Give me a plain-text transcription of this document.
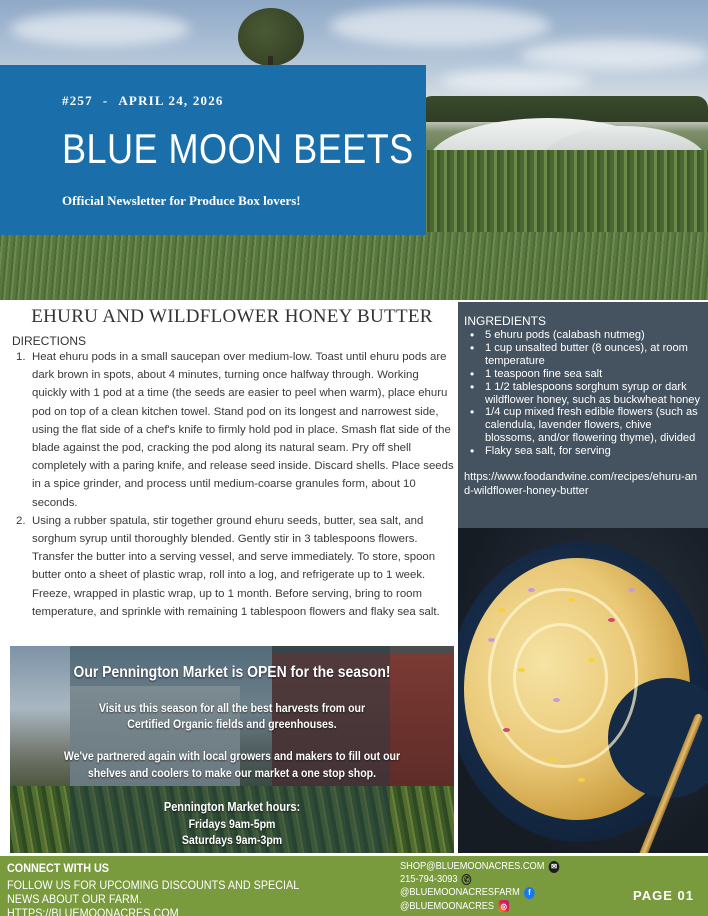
#257 - APRIL 24, 2026
BLUE MOON BEETS
Official Newsletter for Produce Box lovers!
EHURU AND WILDFLOWER HONEY BUTTER
DIRECTIONS
1. Heat ehuru pods in a small saucepan over medium-low. Toast until ehuru pods are dark brown in spots, about 4 minutes, turning once halfway through. Working quickly with 1 pod at a time (the seeds are easier to peel when warm), place ehuru pod on top of a clean kitchen towel. Stand pod on its longest and narrowest side, using the flat side of a chef's knife to firmly hold pod in place. Smash flat side of the blade against the pod, cracking the pod along its natural seam. Pry off shell completely with a paring knife, and release seed inside. Discard shells. Place seeds in a spice grinder, and process until medium-coarse granules form, about 10 seconds.
2. Using a rubber spatula, stir together ground ehuru seeds, butter, sea salt, and sorghum syrup until thoroughly blended. Gently stir in 3 tablespoons flowers. Transfer the butter into a serving vessel, and serve immediately. To store, spoon butter onto a sheet of plastic wrap, roll into a log, and refrigerate up to 1 week. Freeze, wrapped in plastic wrap, up to 1 month. Before serving, bring to room temperature, and sprinkle with remaining 1 tablespoon flowers and flaky sea salt.
INGREDIENTS
• 5 ehuru pods (calabash nutmeg)
• 1 cup unsalted butter (8 ounces), at room temperature
• 1 teaspoon fine sea salt
• 1 1/2 tablespoons sorghum syrup or dark wildflower honey, such as buckwheat honey
• 1/4 cup mixed fresh edible flowers (such as calendula, lavender flowers, chive blossoms, and/or flowering thyme), divided
• Flaky sea salt, for serving
https://www.foodandwine.com/recipes/ehuru-and-wildflower-honey-butter
Our Pennington Market is OPEN for the season!
Visit us this season for all the best harvests from our
Certified Organic fields and greenhouses.
We've partnered again with local growers and makers to fill out our
shelves and coolers to make our market a one stop shop.
Pennington Market hours:
Fridays 9am-5pm
Saturdays 9am-3pm
CONNECT WITH US
FOLLOW US FOR UPCOMING DISCOUNTS AND SPECIAL
NEWS ABOUT OUR FARM. HTTPS://BLUEMOONACRES.COM
SHOP@BLUEMOONACRES.COM ✉
215-794-3093 ✆
@BLUEMOONACRESFARM	f
@BLUEMOONACRES ◎
PAGE 01
